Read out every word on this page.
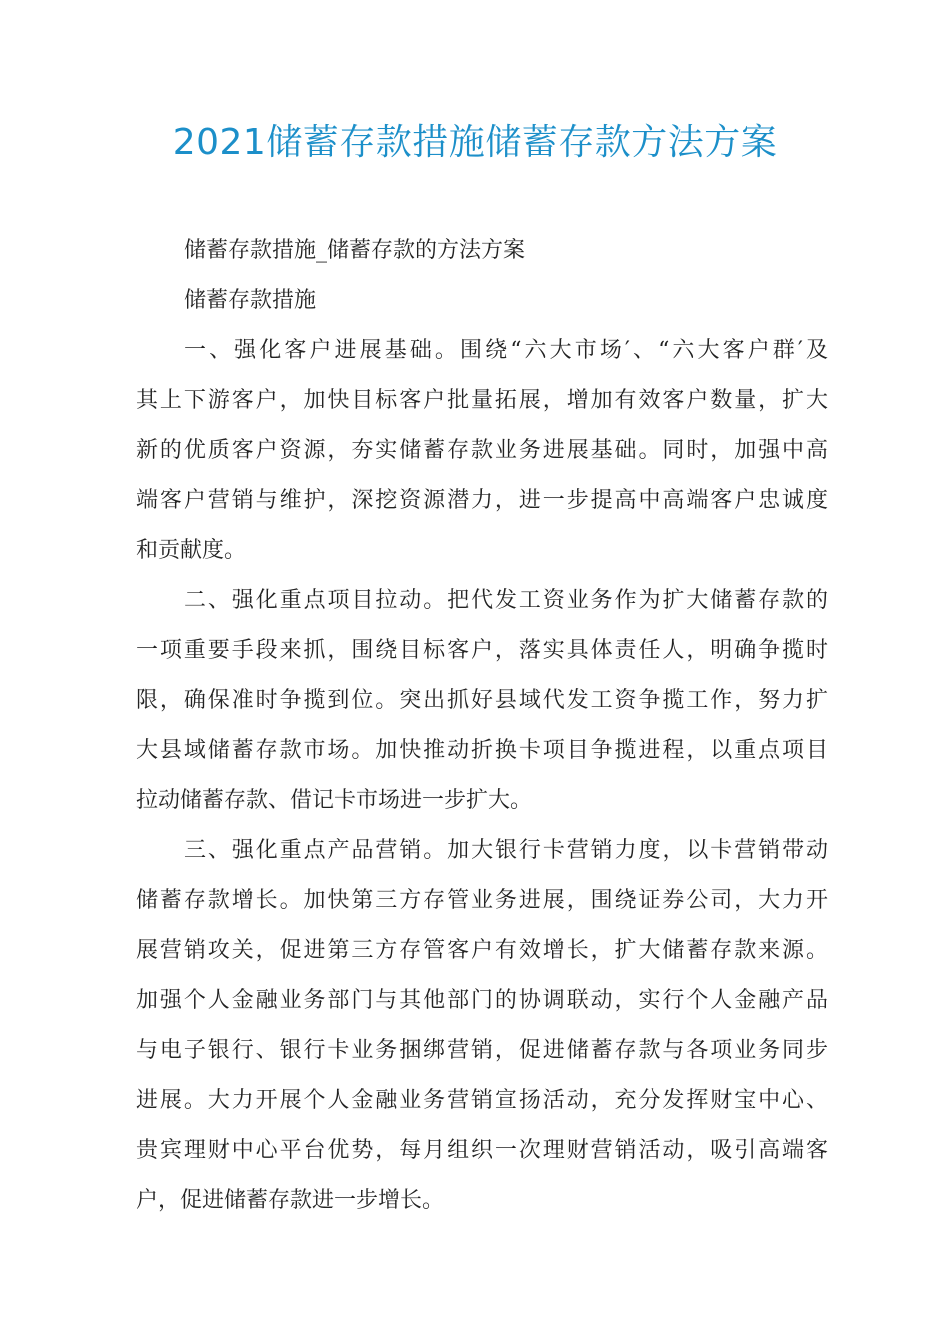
2021储蓄存款措施储蓄存款方法方案
储蓄存款措施_储蓄存款的方法方案
储蓄存款措施
一、强化客户进展基础。围绕“六大市场′、“六大客户群′及
其上下游客户，加快目标客户批量拓展，增加有效客户数量，扩大
新的优质客户资源，夯实储蓄存款业务进展基础。同时，加强中高
端客户营销与维护，深挖资源潜力，进一步提高中高端客户忠诚度
和贡献度。
二、强化重点项目拉动。把代发工资业务作为扩大储蓄存款的
一项重要手段来抓，围绕目标客户，落实具体责任人，明确争揽时
限，确保准时争揽到位。突出抓好县域代发工资争揽工作，努力扩
大县域储蓄存款市场。加快推动折换卡项目争揽进程，以重点项目
拉动储蓄存款、借记卡市场进一步扩大。
三、强化重点产品营销。加大银行卡营销力度，以卡营销带动
储蓄存款增长。加快第三方存管业务进展，围绕证券公司，大力开
展营销攻关，促进第三方存管客户有效增长，扩大储蓄存款来源。
加强个人金融业务部门与其他部门的协调联动，实行个人金融产品
与电子银行、银行卡业务捆绑营销，促进储蓄存款与各项业务同步
进展。大力开展个人金融业务营销宣扬活动，充分发挥财宝中心、
贵宾理财中心平台优势，每月组织一次理财营销活动，吸引高端客
户，促进储蓄存款进一步增长。
